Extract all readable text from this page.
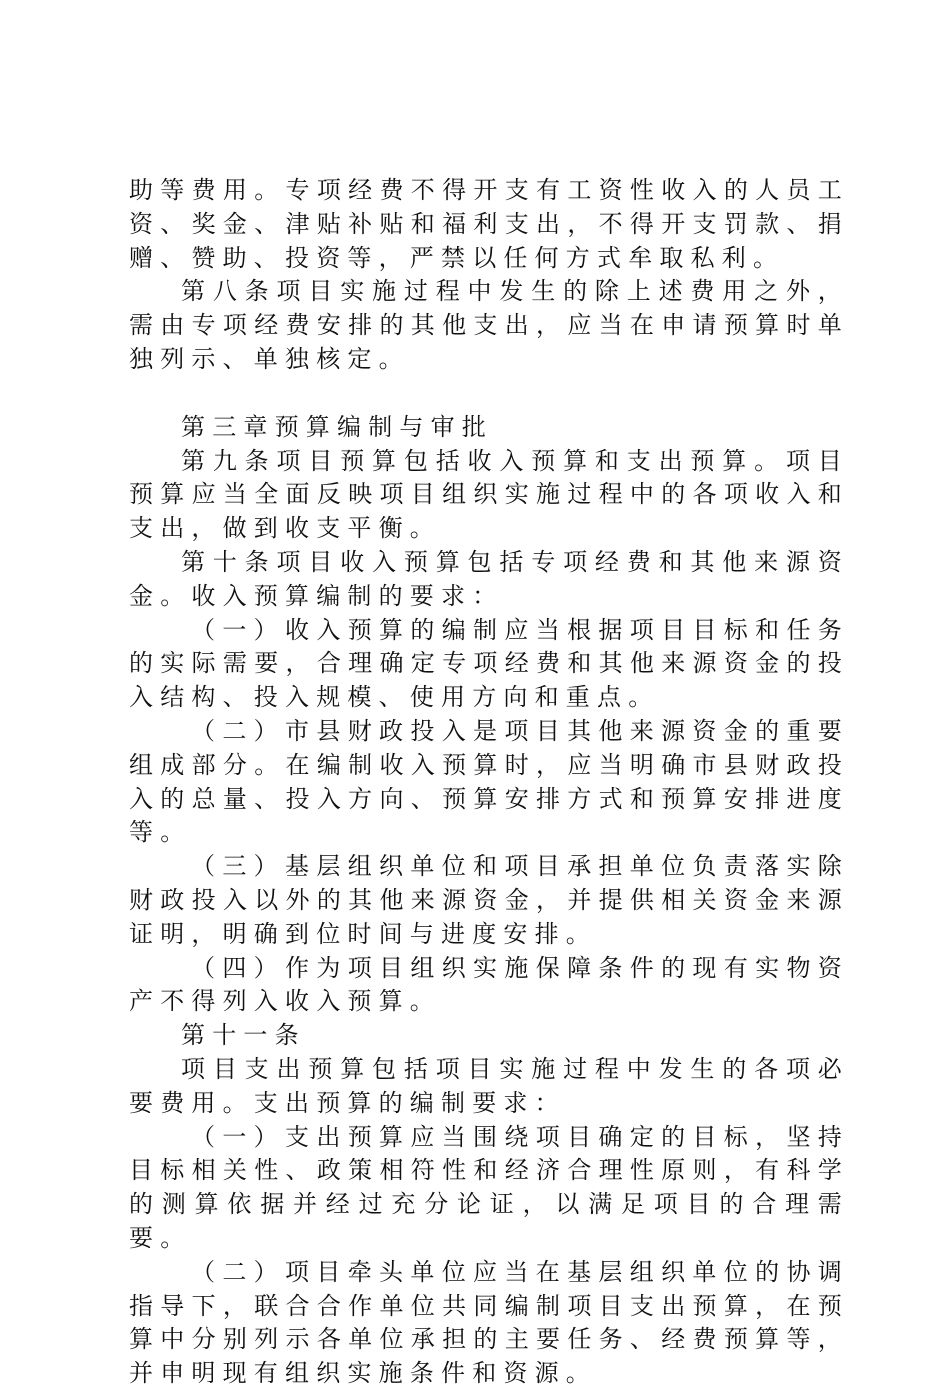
助等费用。专项经费不得开支有工资性收入的人员工资、奖金、津贴补贴和福利支出，不得开支罚款、捐赠、赞助、投资等，严禁以任何方式牟取私利。

第八条项目实施过程中发生的除上述费用之外，需由专项经费安排的其他支出，应当在申请预算时单独列示、单独核定。

第三章预算编制与审批

第九条项目预算包括收入预算和支出预算。项目预算应当全面反映项目组织实施过程中的各项收入和支出，做到收支平衡。

第十条项目收入预算包括专项经费和其他来源资金。收入预算编制的要求：

（一）收入预算的编制应当根据项目目标和任务的实际需要，合理确定专项经费和其他来源资金的投入结构、投入规模、使用方向和重点。

（二）市县财政投入是项目其他来源资金的重要组成部分。在编制收入预算时，应当明确市县财政投入的总量、投入方向、预算安排方式和预算安排进度等。

（三）基层组织单位和项目承担单位负责落实除财政投入以外的其他来源资金，并提供相关资金来源证明，明确到位时间与进度安排。

（四）作为项目组织实施保障条件的现有实物资产不得列入收入预算。

第十一条

项目支出预算包括项目实施过程中发生的各项必要费用。支出预算的编制要求：

（一）支出预算应当围绕项目确定的目标，坚持目标相关性、政策相符性和经济合理性原则，有科学的测算依据并经过充分论证，以满足项目的合理需要。

（二）项目牵头单位应当在基层组织单位的协调指导下，联合合作单位共同编制项目支出预算，在预算中分别列示各单位承担的主要任务、经费预算等，并申明现有组织实施条件和资源。
